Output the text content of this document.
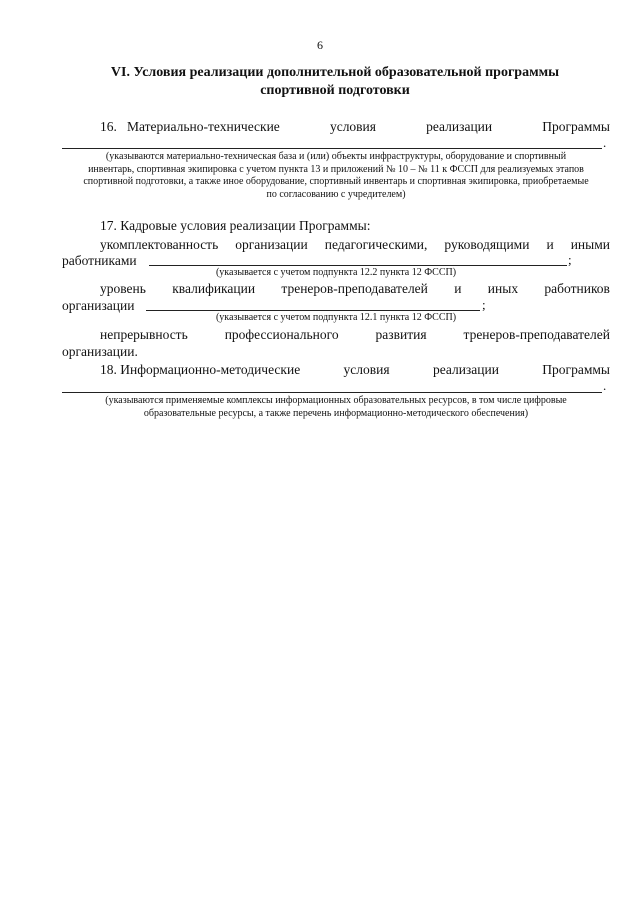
6
VI. Условия реализации дополнительной образовательной программы
спортивной подготовки
16. Материально-технические	условия	реализации	Программы
.
(указываются материально-техническая база и (или) объекты инфраструктуры, оборудование и спортивный
инвентарь, спортивная экипировка с учетом пункта 13 и приложений № 10 – № 11 к ФССП для реализуемых этапов
спортивной подготовки, а также иное оборудование, спортивный инвентарь и спортивная экипировка, приобретаемые
по согласованию с учредителем)
17. Кадровые условия реализации Программы:
укомплектованность организации педагогическими, руководящими и иными
работниками	;
(указывается с учетом подпункта 12.2 пункта 12 ФССП)
уровень квалификации тренеров-преподавателей и иных работников
организации	;
(указывается с учетом подпункта 12.1 пункта 12 ФССП)
непрерывность	профессионального	развития	тренеров-преподавателей
организации.
18. Информационно-методические	условия	реализации	Программы
.
(указываются применяемые комплексы информационных образовательных ресурсов, в том числе цифровые
образовательные ресурсы, а также перечень информационно-методического обеспечения)
